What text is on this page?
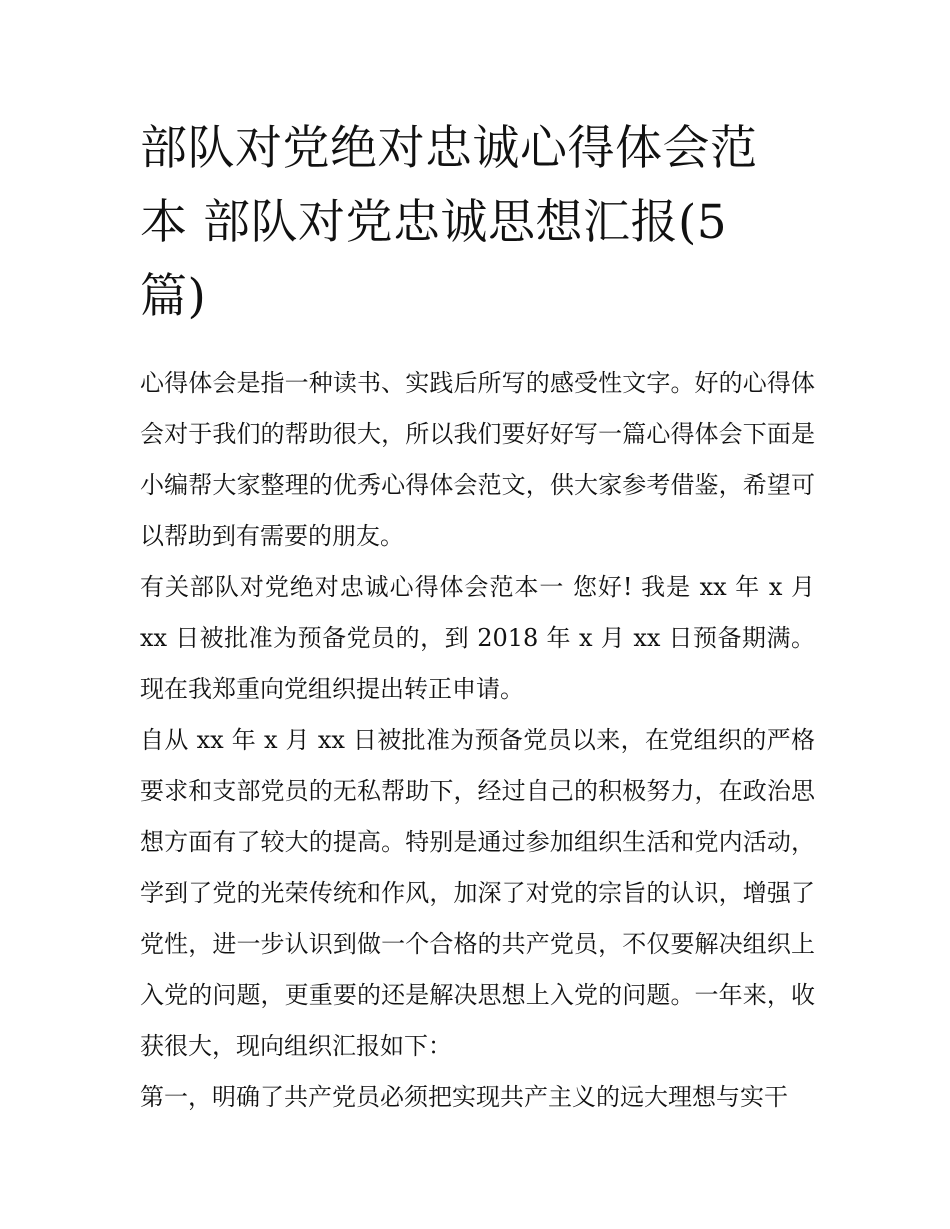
部队对党绝对忠诚心得体会范
本 部队对党忠诚思想汇报(5
篇)

心得体会是指一种读书、实践后所写的感受性文字。好的心得体会对于我们的帮助很大，所以我们要好好写一篇心得体会下面是小编帮大家整理的优秀心得体会范文，供大家参考借鉴，希望可以帮助到有需要的朋友。

有关部队对党绝对忠诚心得体会范本一 您好! 我是 xx 年 x 月 xx 日被批准为预备党员的，到 2018 年 x 月 xx 日预备期满。现在我郑重向党组织提出转正申请。

自从 xx 年 x 月 xx 日被批准为预备党员以来，在党组织的严格要求和支部党员的无私帮助下，经过自己的积极努力，在政治思想方面有了较大的提高。特别是通过参加组织生活和党内活动，学到了党的光荣传统和作风，加深了对党的宗旨的认识，增强了党性，进一步认识到做一个合格的共产党员，不仅要解决组织上入党的问题，更重要的还是解决思想上入党的问题。一年来，收获很大，现向组织汇报如下：

第一，明确了共产党员必须把实现共产主义的远大理想与实干
